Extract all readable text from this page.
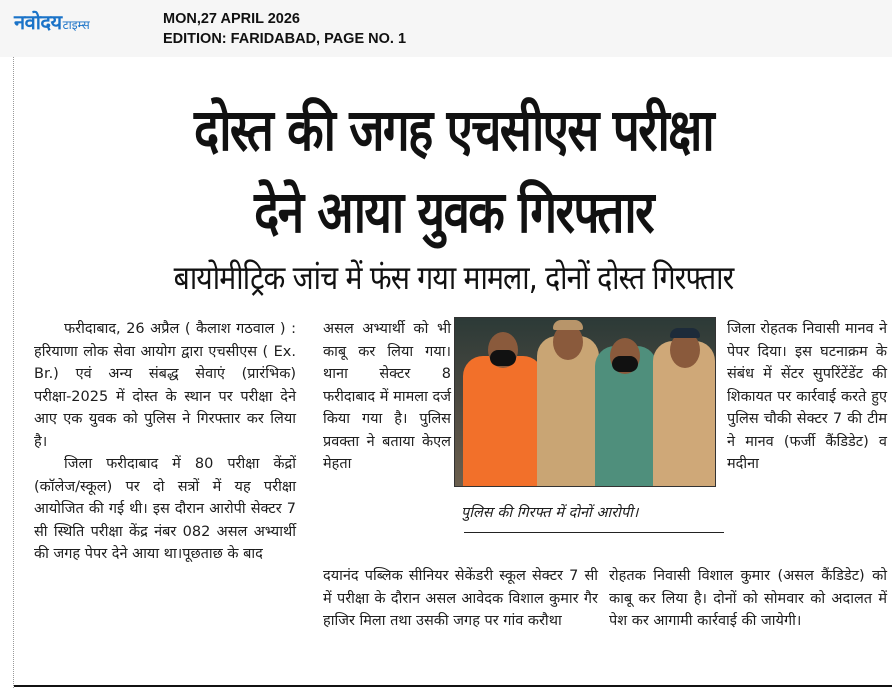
नवोदय टाइम्स	MON,27 APRIL 2026
EDITION: FARIDABAD, PAGE NO. 1
दोस्त की जगह एचसीएस परीक्षा
देने आया युवक गिरफ्तार
बायोमीट्रिक जांच में फंस गया मामला, दोनों दोस्त गिरफ्तार

फरीदाबाद, 26 अप्रैल ( कैलाश गठवाल ) : हरियाणा लोक सेवा आयोग द्वारा एचसीएस ( Ex. Br.) एवं अन्य संबद्ध सेवाएं (प्रारंभिक) परीक्षा-2025 में दोस्त के स्थान पर परीक्षा देने आए एक युवक को पुलिस ने गिरफ्तार कर लिया है।

जिला फरीदाबाद में 80 परीक्षा केंद्रों (कॉलेज/स्कूल) पर दो सत्रों में यह परीक्षा आयोजित की गई थी। इस दौरान आरोपी सेक्टर 7 सी स्थिति परीक्षा केंद्र नंबर 082 असल अभ्यार्थी की जगह पेपर देने आया था।पूछताछ के बाद

असल अभ्यार्थी को भी काबू कर लिया गया। थाना सेक्टर 8 फरीदाबाद में मामला दर्ज किया गया है। पुलिस प्रवक्ता ने बताया केएल मेहता

पुलिस की गिरफ्त में दोनों आरोपी।

जिला रोहतक निवासी मानव ने पेपर दिया। इस घटनाक्रम के संबंध में सेंटर सुपरिंटेंडेंट की शिकायत पर कार्रवाई करते हुए पुलिस चौकी सेक्टर 7 की टीम ने मानव (फर्जी कैंडिडेट) व मदीना

दयानंद पब्लिक सीनियर सेकेंडरी स्कूल सेक्टर 7 सी में परीक्षा के दौरान असल आवेदक विशाल कुमार गैर हाजिर मिला तथा उसकी जगह पर गांव करौथा

रोहतक निवासी विशाल कुमार (असल कैंडिडेट) को काबू कर लिया है। दोनों को सोमवार को अदालत में पेश कर आगामी कार्रवाई की जायेगी।
